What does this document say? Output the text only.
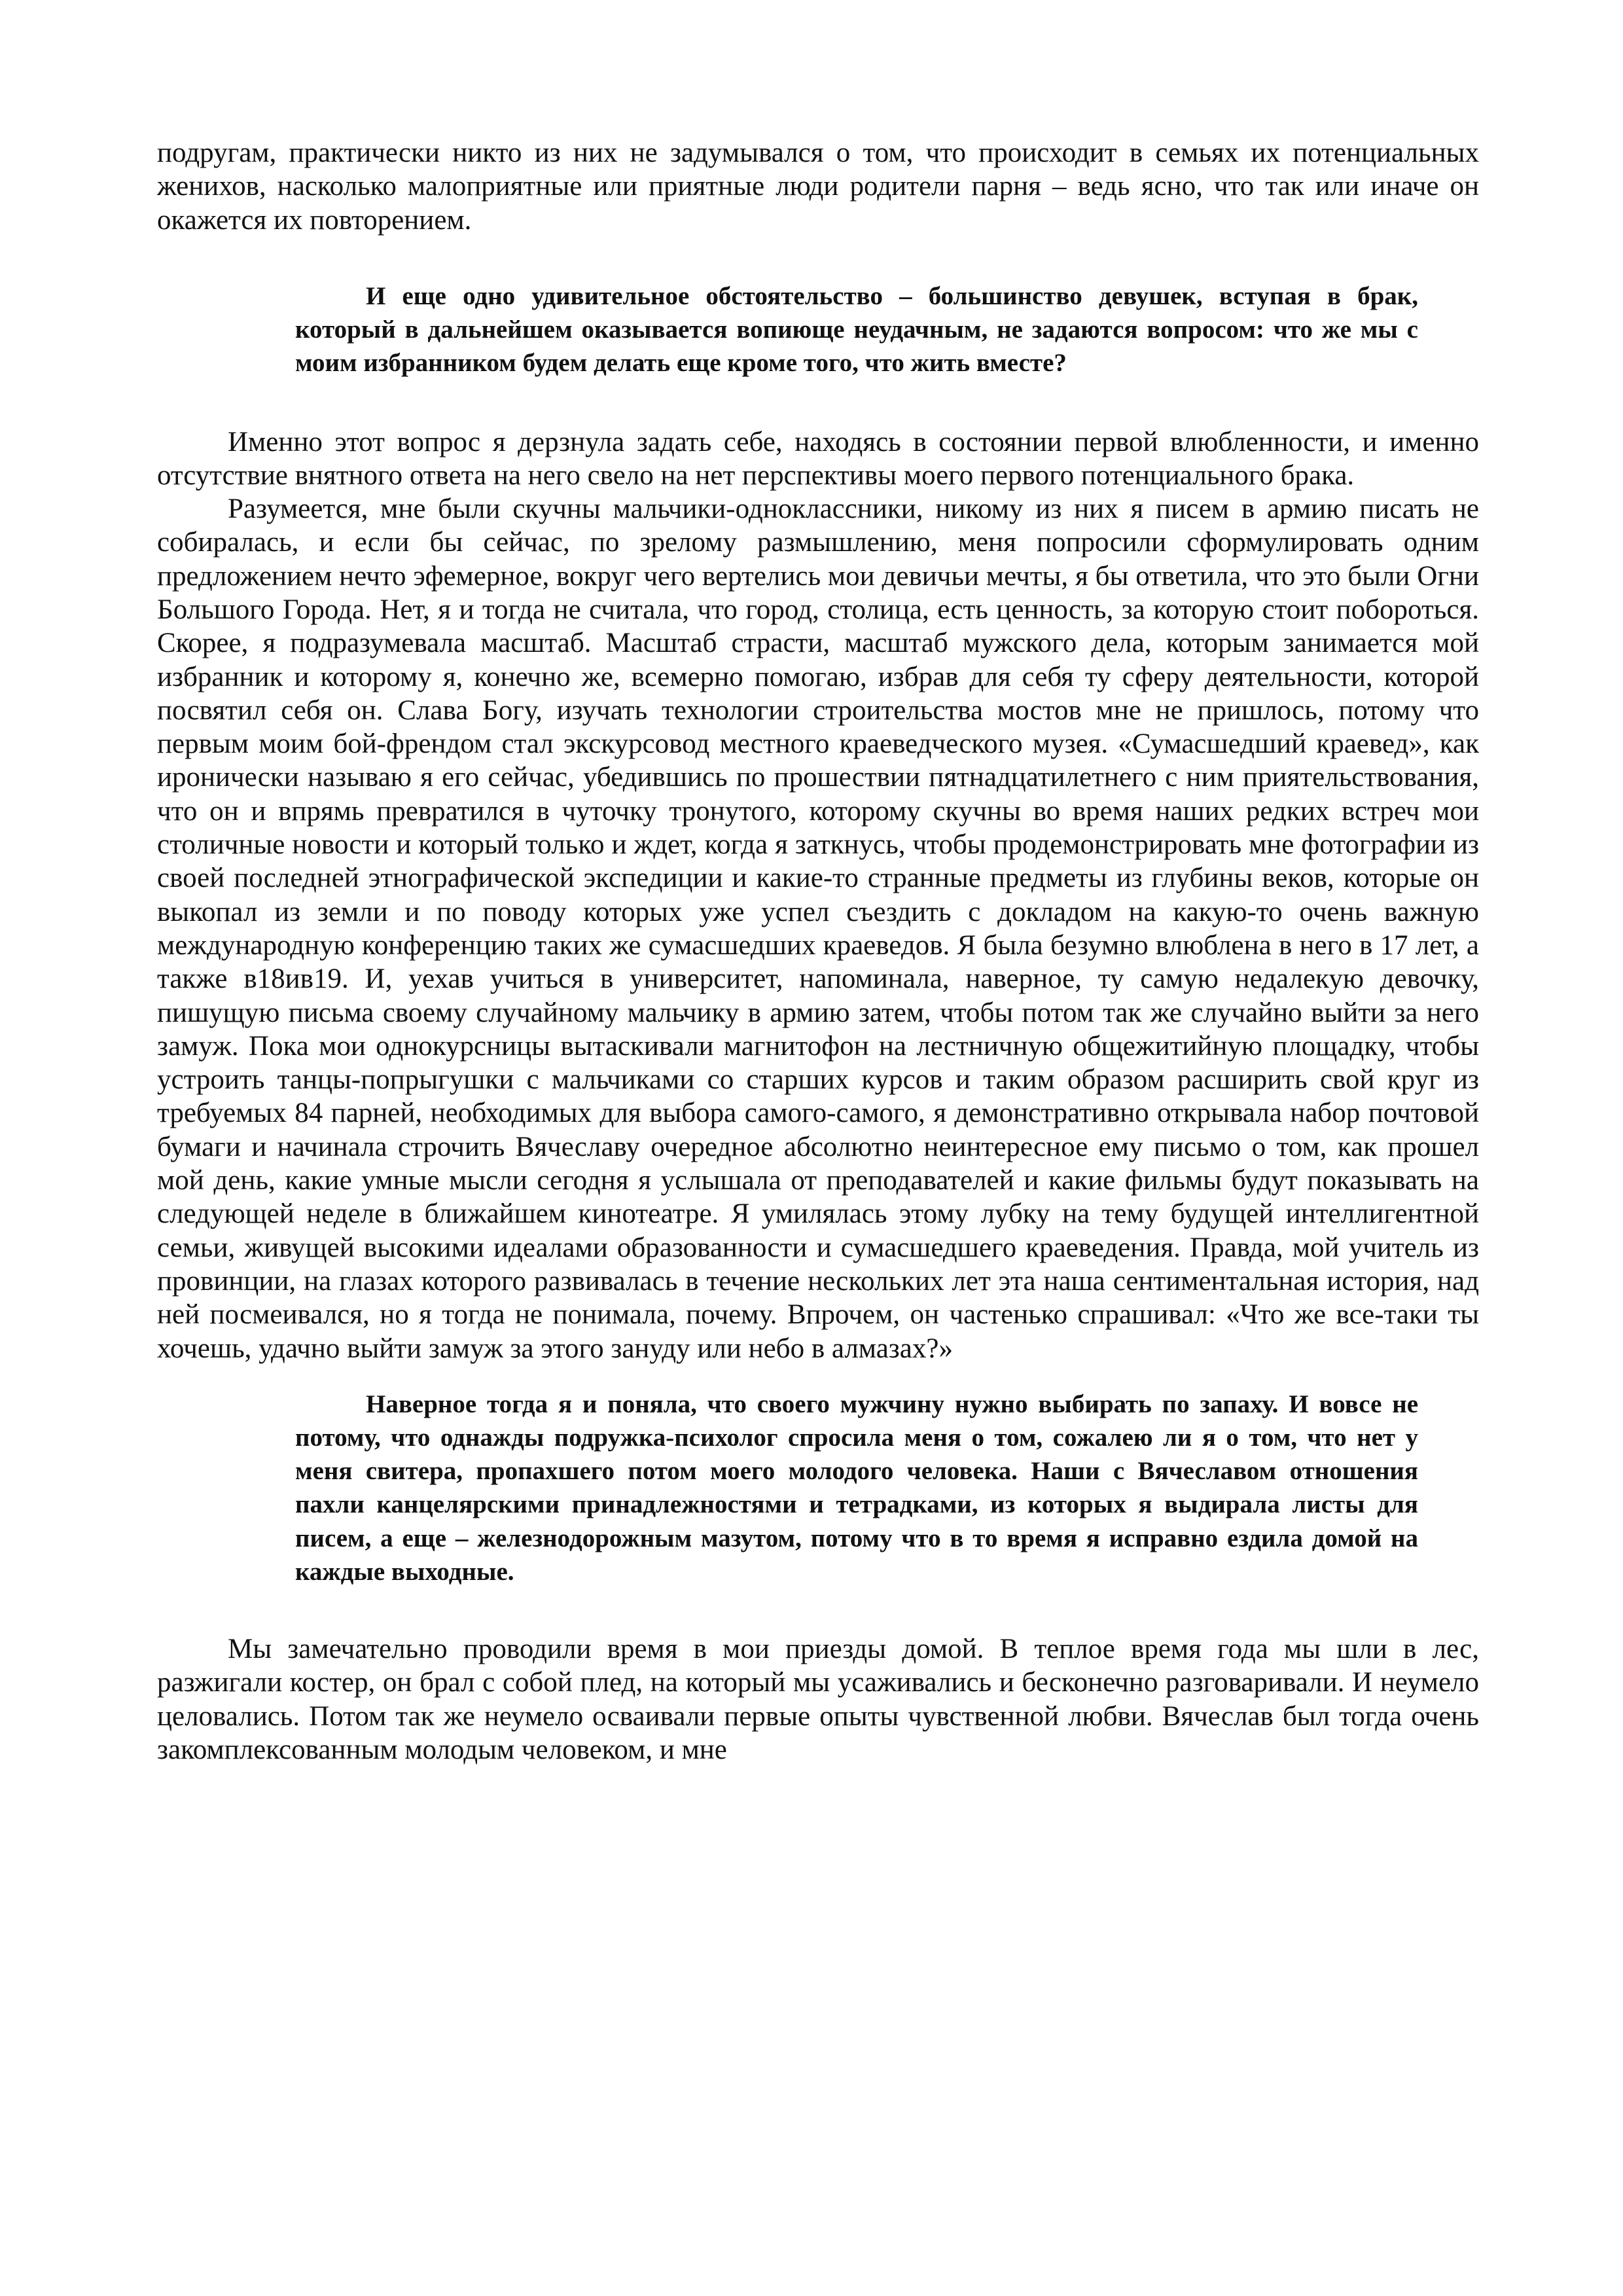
подругам, практически никто из них не задумывался о том, что происходит в семьях их потенциальных женихов, насколько малоприятные или приятные люди родители парня – ведь ясно, что так или иначе он окажется их повторением.

И еще одно удивительное обстоятельство – большинство девушек, вступая в брак, который в дальнейшем оказывается вопиюще неудачным, не задаются вопросом: что же мы с моим избранником будем делать еще кроме того, что жить вместе?

Именно этот вопрос я дерзнула задать себе, находясь в состоянии первой влюбленности, и именно отсутствие внятного ответа на него свело на нет перспективы моего первого потенциального брака.

Разумеется, мне были скучны мальчики-одноклассники, никому из них я писем в армию писать не собиралась, и если бы сейчас, по зрелому размышлению, меня попросили сформулировать одним предложением нечто эфемерное, вокруг чего вертелись мои девичьи мечты, я бы ответила, что это были Огни Большого Города. Нет, я и тогда не считала, что город, столица, есть ценность, за которую стоит побороться. Скорее, я подразумевала масштаб. Масштаб страсти, масштаб мужского дела, которым занимается мой избранник и которому я, конечно же, всемерно помогаю, избрав для себя ту сферу деятельности, которой посвятил себя он. Слава Богу, изучать технологии строительства мостов мне не пришлось, потому что первым моим бой-френдом стал экскурсовод местного краеведческого музея. «Сумасшедший краевед», как иронически называю я его сейчас, убедившись по прошествии пятнадцатилетнего с ним приятельствования, что он и впрямь превратился в чуточку тронутого, которому скучны во время наших редких встреч мои столичные новости и который только и ждет, когда я заткнусь, чтобы продемонстрировать мне фотографии из своей последней этнографической экспедиции и какие-то странные предметы из глубины веков, которые он выкопал из земли и по поводу которых уже успел съездить с докладом на какую-то очень важную международную конференцию таких же сумасшедших краеведов. Я была безумно влюблена в него в 17 лет, а также в18ив19. И, уехав учиться в университет, напоминала, наверное, ту самую недалекую девочку, пишущую письма своему случайному мальчику в армию затем, чтобы потом так же случайно выйти за него замуж. Пока мои однокурсницы вытаскивали магнитофон на лестничную общежитийную площадку, чтобы устроить танцы-попрыгушки с мальчиками со старших курсов и таким образом расширить свой круг из требуемых 84 парней, необходимых для выбора самого-самого, я демонстративно открывала набор почтовой бумаги и начинала строчить Вячеславу очередное абсолютно неинтересное ему письмо о том, как прошел мой день, какие умные мысли сегодня я услышала от преподавателей и какие фильмы будут показывать на следующей неделе в ближайшем кинотеатре. Я умилялась этому лубку на тему будущей интеллигентной семьи, живущей высокими идеалами образованности и сумасшедшего краеведения. Правда, мой учитель из провинции, на глазах которого развивалась в течение нескольких лет эта наша сентиментальная история, над ней посмеивался, но я тогда не понимала, почему. Впрочем, он частенько спрашивал: «Что же все-таки ты хочешь, удачно выйти замуж за этого зануду или небо в алмазах?»

Наверное тогда я и поняла, что своего мужчину нужно выбирать по запаху. И вовсе не потому, что однажды подружка-психолог спросила меня о том, сожалею ли я о том, что нет у меня свитера, пропахшего потом моего молодого человека. Наши с Вячеславом отношения пахли канцелярскими принадлежностями и тетрадками, из которых я выдирала листы для писем, а еще – железнодорожным мазутом, потому что в то время я исправно ездила домой на каждые выходные.

Мы замечательно проводили время в мои приезды домой. В теплое время года мы шли в лес, разжигали костер, он брал с собой плед, на который мы усаживались и бесконечно разговаривали. И неумело целовались. Потом так же неумело осваивали первые опыты чувственной любви. Вячеслав был тогда очень закомплексованным молодым человеком, и мне
